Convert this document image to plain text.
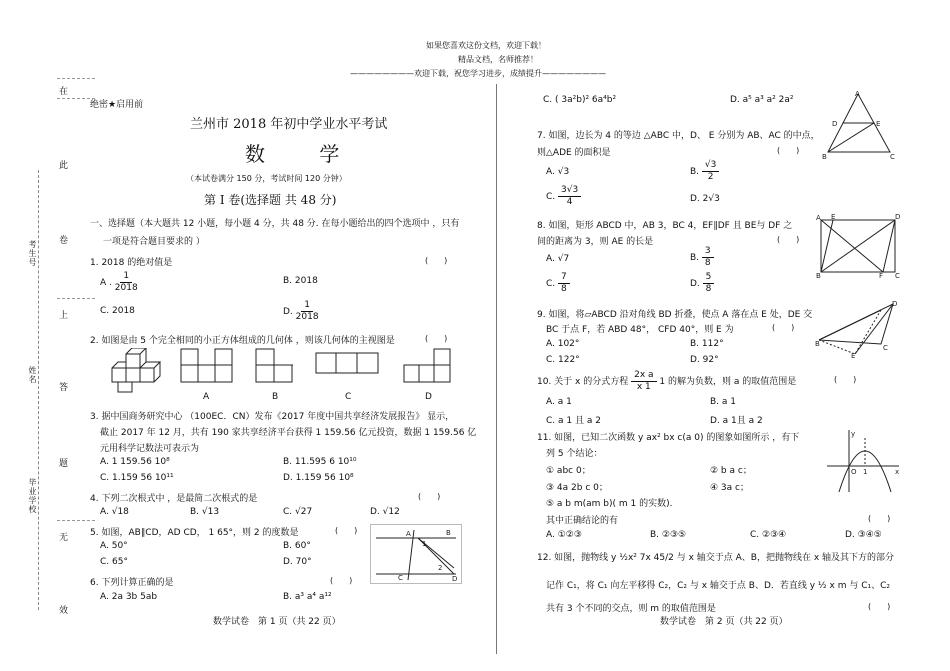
如果您喜欢这份文档，欢迎下载！
精品文档，名师推荐！
————————欢迎下载，祝您学习进步，成绩提升————————
在
此
卷
上
答
题
无
效
考生号
姓名
毕业学校
绝密★启用前
兰州市 2018 年初中学业水平考试
数 学
（本试卷满分 150 分，考试时间 120 分钟）
第 I 卷(选择题 共 48 分)
一、选择题（本大题共 12 小题，每小题 4 分，共 48 分. 在每小题给出的四个选项中 ，只有
一项是符合题目要求的 ）
1. 2018 的绝对值是	(　　)
A . $\frac{1}{2018}$	B. 2018
C. 2018	D. $\frac{1}{2018}$
2. 如图是由 5 个完全相同的小正方体组成的几何体 ，则该几何体的主视图是	(　　)
A	B	C	D
3. 据中国商务研究中心 （100EC．CN）发布《2017 年度中国共享经济发展报告》 显示，
截止 2017 年 12 月，共有 190 家共享经济平台获得 1 159.56 亿元投资，数据 1 159.56 亿
元用科学记数法可表示为
A. 1 159.56 10⁸	B. 11.595 6 10¹⁰
C. 1.159 56 10¹¹	D. 1.159 56 10⁸
4. 下列二次根式中 ，是最简二次根式的是	(　　)
A. √18	B. √13	C. √27	D. √12
5. 如图，AB∥CD，AD CD， 1 65°，则 2 的度数是	(　　)
A. 50°	B. 60°
C. 65°	D. 70°
A	B
C	D
1
2
6. 下列计算正确的是	(　　)
A. 2a 3b 5ab	B. a³ a⁴ a¹²
数学试卷　第 1 页（共 22 页）
C. ( 3a²b)² 6a⁴b²	D. a⁵ a³ a² 2a²
A
D	E
B	C
7. 如图，边长为 4 的等边 △ABC 中，D、 E 分别为 AB、AC 的中点，
则△ADE 的面积是	(　　)
A. √3	B. $\frac{√3}{2}$
C. $\frac{3√3}{4}$	D. 2√3
8. 如图，矩形 ABCD 中，AB 3，BC 4，EF∥DF 且 BE与 DF 之
间的距离为 3，则 AE 的长是	(　　)
A. √7	B. $\frac{3}{8}$
C. $\frac{7}{8}$	D. $\frac{5}{8}$
A E	D
B	F C
9. 如图，将▱ABCD 沿对角线 BD 折叠，使点 A 落在点 E 处，DE 交
BC 于点 F，若 ABD 48°， CFD 40°，则 E 为	(　　)
A. 102°	B. 112°
C. 122°	D. 92°
D
B	C
E
10. 关于 x 的分式方程 $\frac{\text{2x a}}{x 1} 1$ 的解为负数，则 a 的取值范围是	(　　)
A. a 1	B. a 1
C. a 1 且 a 2	D. a 1且 a 2
11. 如图，已知二次函数 y ax² bx c(a 0) 的图象如图所示 ，有下
列 5 个结论：
① abc 0；	② b a c；
③ 4a 2b c 0；	④ 3a c；
⑤ a b m(am b)( m 1 的实数).
其中正确结论的有	(　　)
A. ①②③	B. ②③⑤	C. ②③④	D. ③④⑤
y
x
O 1
12. 如图，抛物线 y ½x² 7x 45/2 与 x 轴交于点 A、B，把抛物线在 x 轴及其下方的部分
记作 C₁，将 C₁ 向左平移得 C₂，C₂ 与 x 轴交于点 B、D．若直线 y ½ x m 与 C₁、C₂
共有 3 个不同的交点，则 m 的取值范围是	(　　)
数学试卷　第 2 页（共 22 页）
